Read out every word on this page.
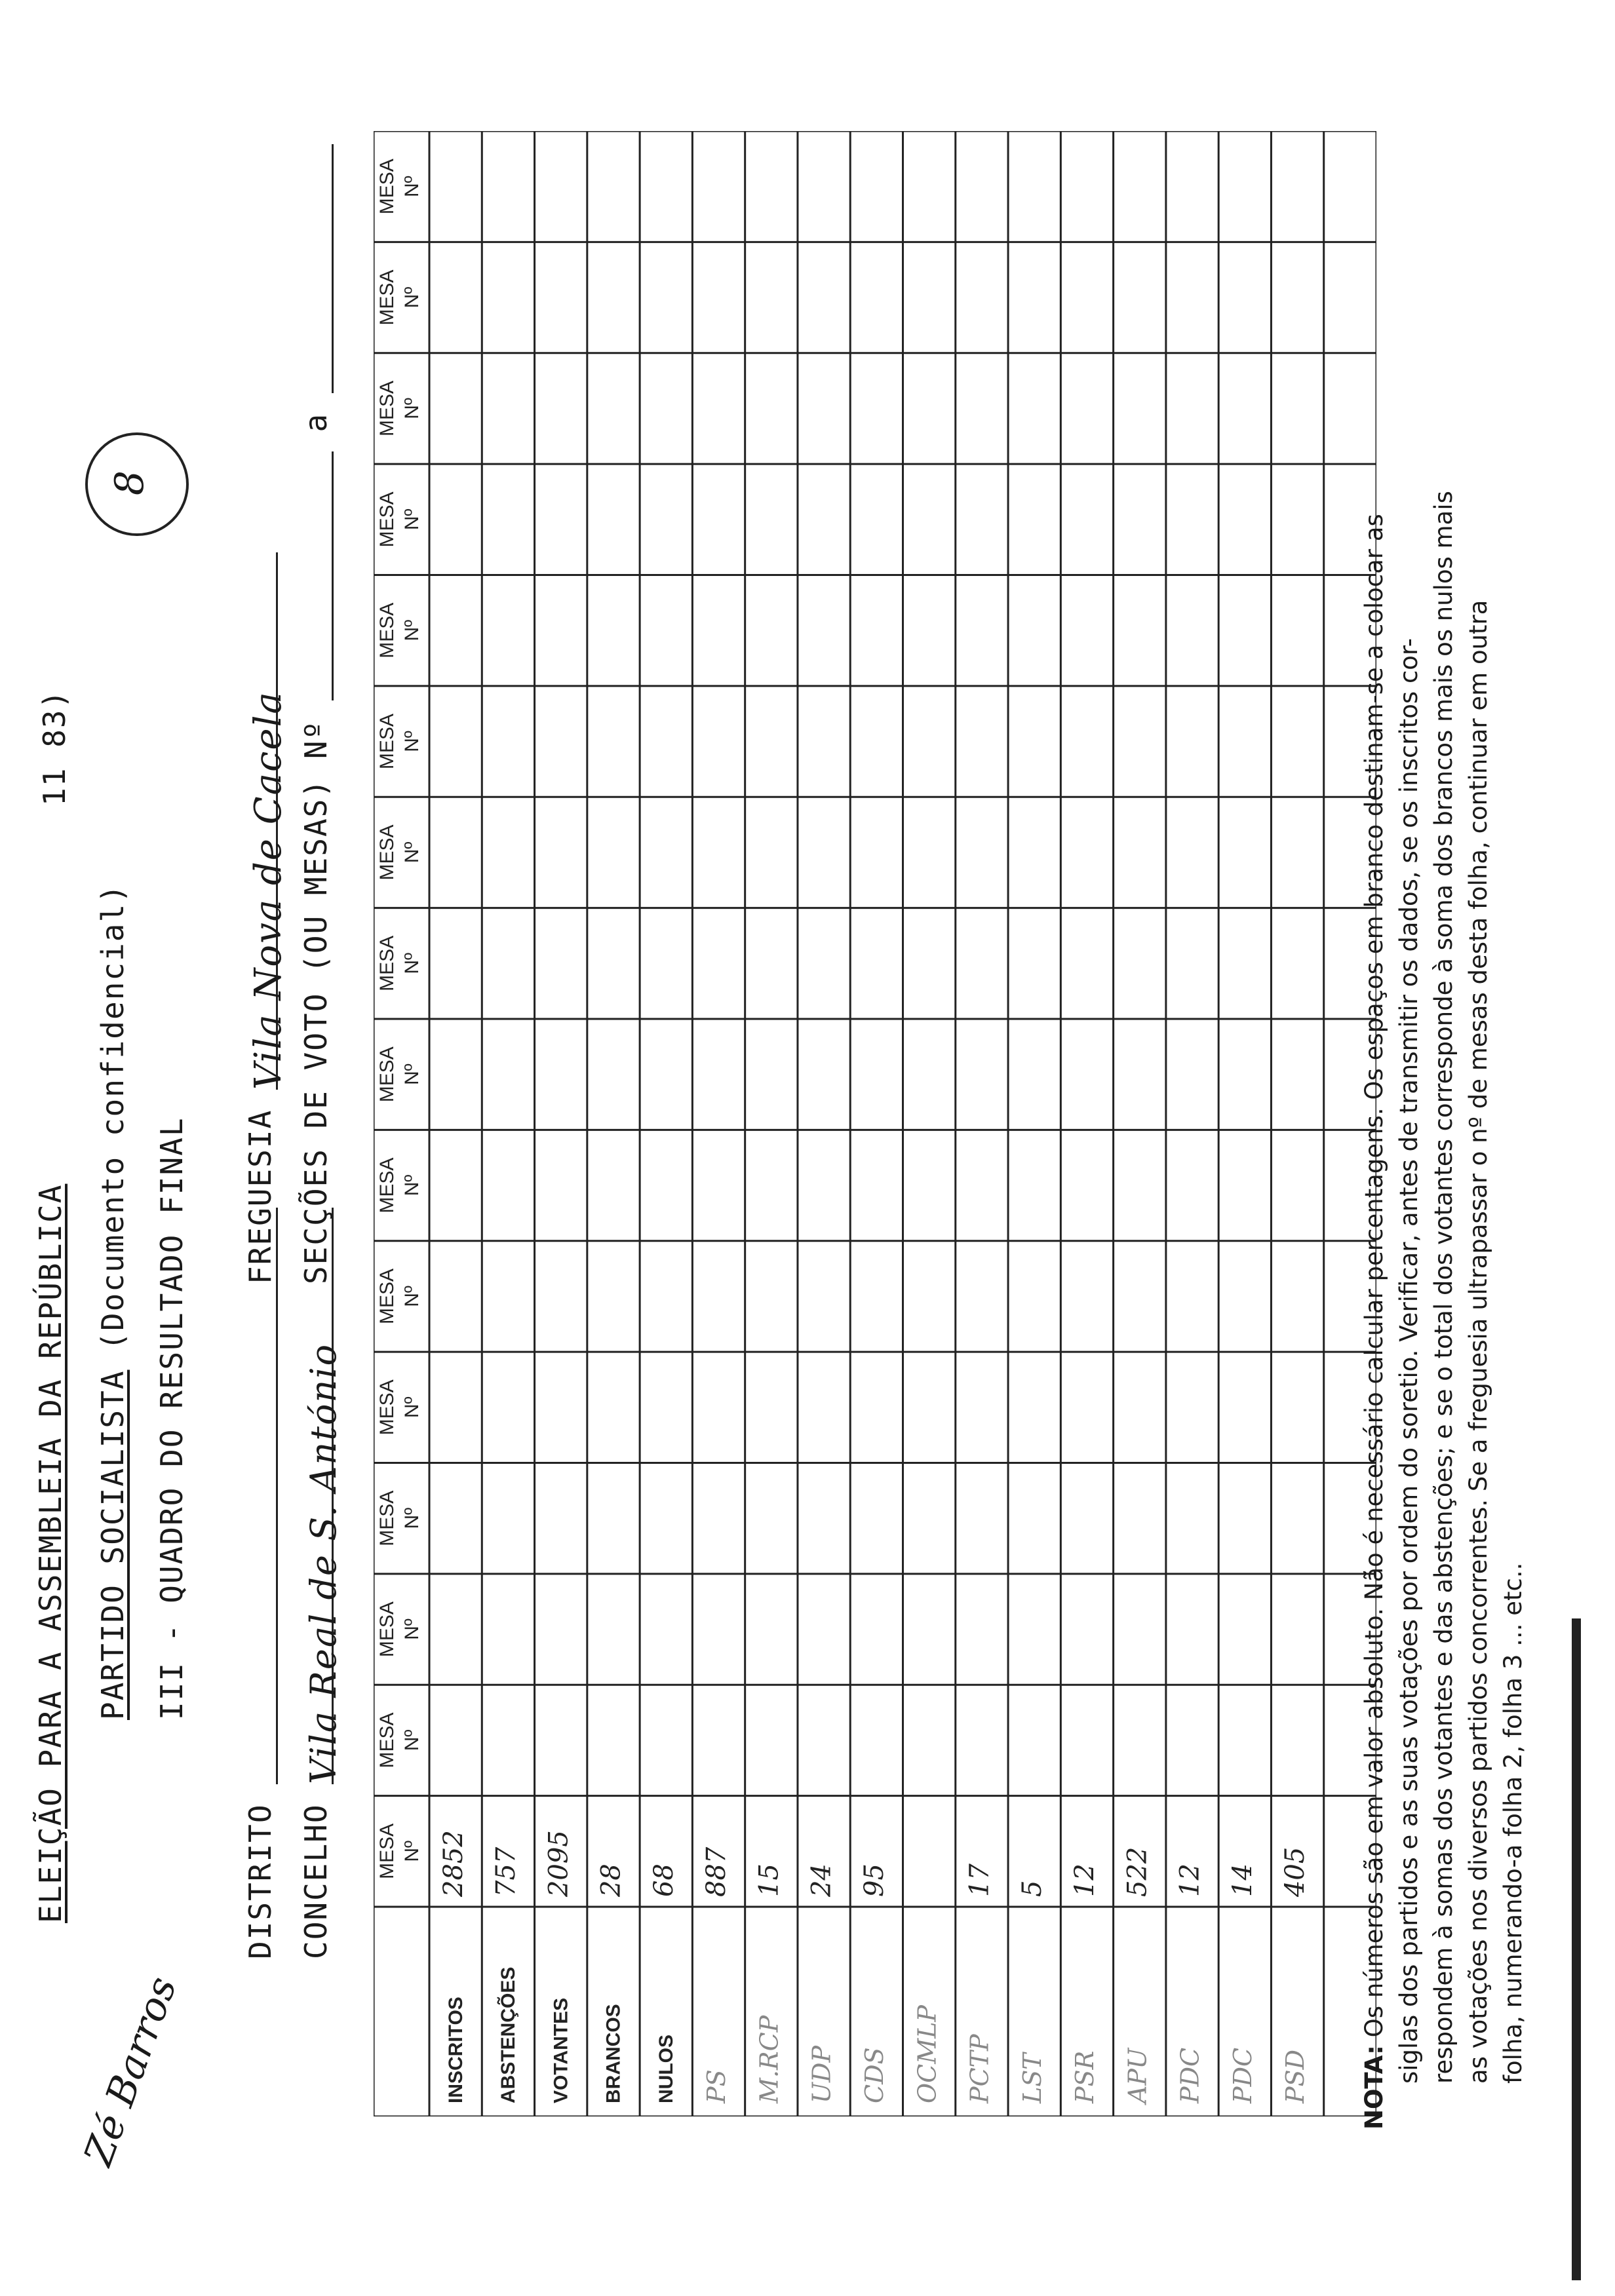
Zé Barros
8
ELEIÇÃO PARA A ASSEMBLEIA DA REPÚBLICA
11 83)
PARTIDO SOCIALISTA (Documento confidencial)
III - QUADRO DO RESULTADO FINAL
DISTRITO
FREGUESIA Vila Nova de Cacela
CONCELHO Vila Real de S. António
SECÇÕES DE VOTO (OU MESAS) Nº  a
MESA Nº
MESA Nº
MESA Nº
MESA Nº
MESA Nº
MESA Nº
MESA Nº
MESA Nº
MESA Nº
MESA Nº
MESA Nº
MESA Nº
MESA Nº
MESA Nº
MESA Nº
MESA Nº
INSCRITOS
2852
ABSTENÇÕES
757
VOTANTES
2095
BRANCOS
28
NULOS
68
PS
887
M.RCP
15
UDP
24
CDS
95
OCMLP PCTP
17
LST
5
PSR
12
APU
522
PDC
12
PDC
14
PSD
405
NOTA: Os números são em valor absoluto. Não é necessário calcular percentagens. Os espaços em branco destinam-se a colocar as siglas dos partidos e as suas votações por ordem do soretio. Verificar, antes de transmitir os dados, se os inscritos cor- respondem à somas dos votantes e das abstenções; e se o total dos votantes corresponde à soma dos brancos mais os nulos mais as votações nos diversos partidos concorrentes. Se a freguesia ultrapassar o nº de mesas desta folha, continuar em outra folha, numerando-a folha 2, folha 3 ... etc..
